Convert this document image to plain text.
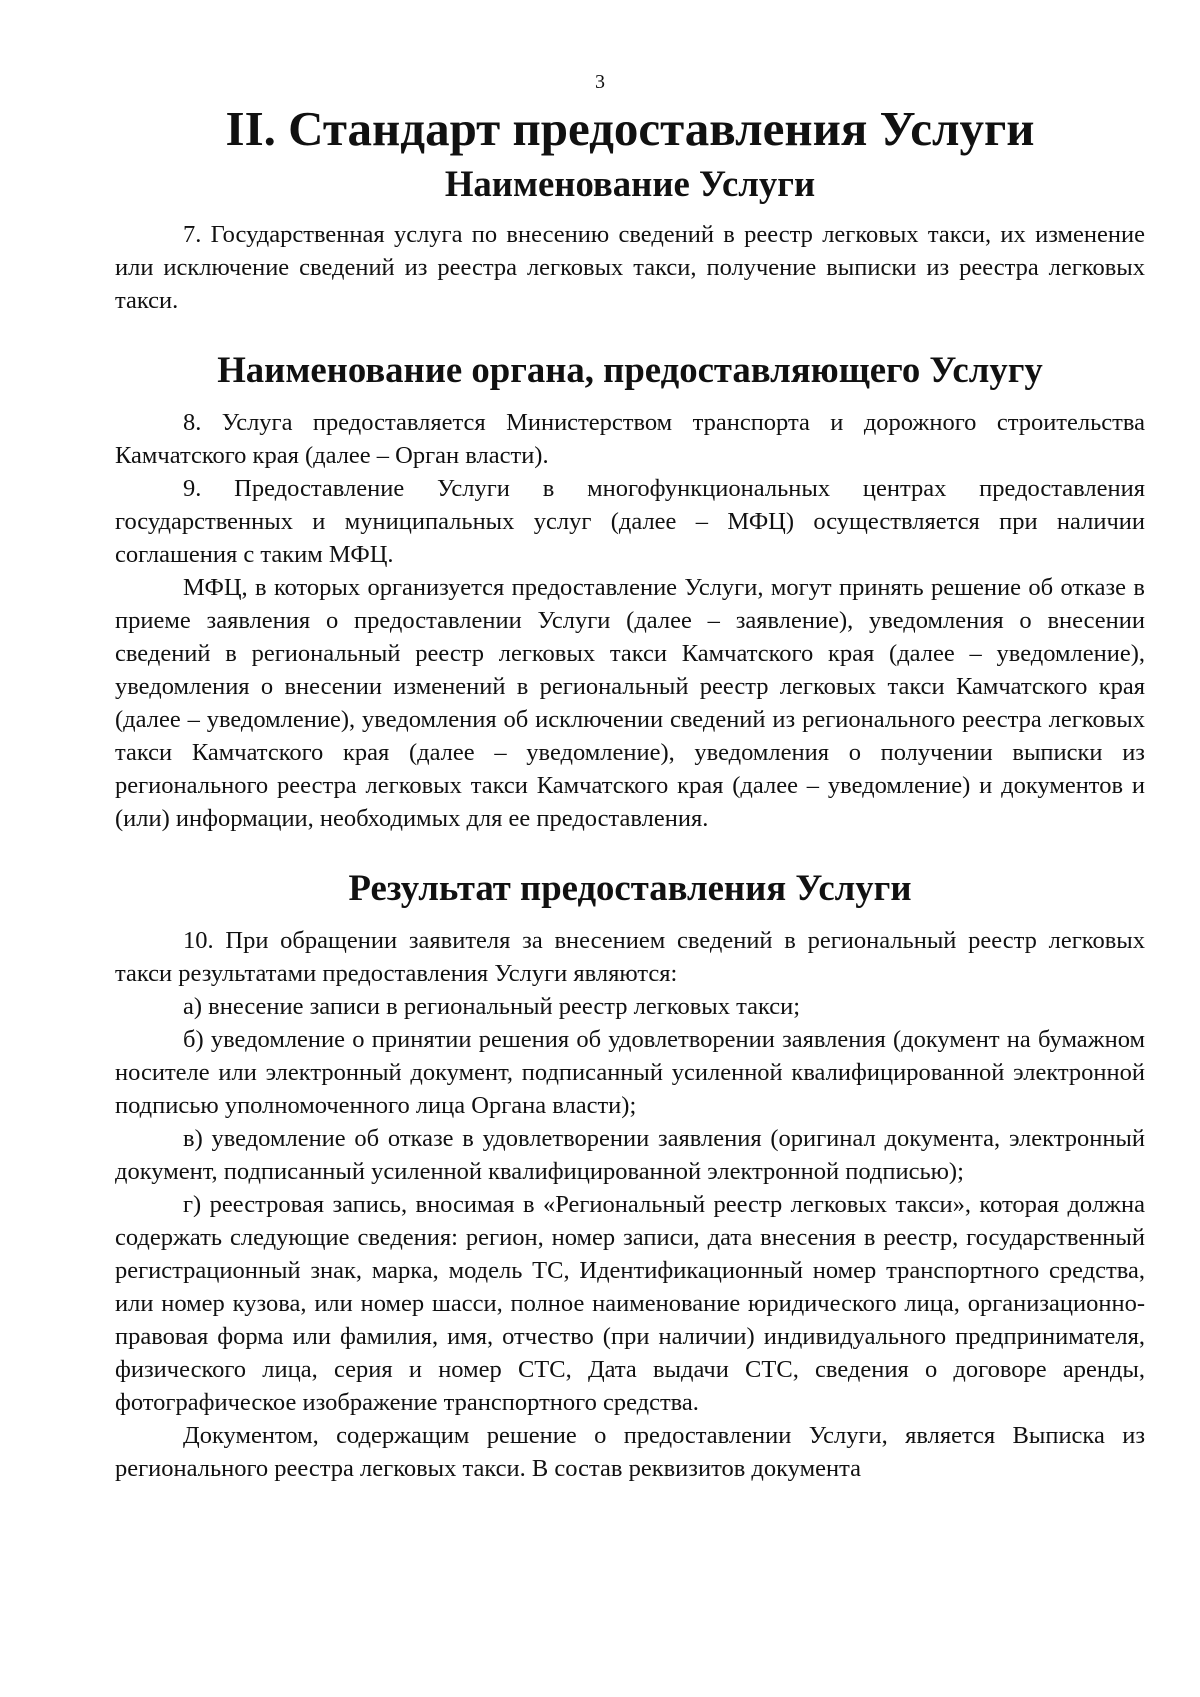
3
II. Стандарт предоставления Услуги
Наименование Услуги

7. Государственная услуга по внесению сведений в реестр легковых такси, их изменение или исключение сведений из реестра легковых такси, получение выписки из реестра легковых такси.

Наименование органа, предоставляющего Услугу

8. Услуга предоставляется Министерством транспорта и дорожного строительства Камчатского края (далее – Орган власти).

9. Предоставление Услуги в многофункциональных центрах предоставления государственных и муниципальных услуг (далее – МФЦ) осуществляется при наличии соглашения с таким МФЦ.

МФЦ, в которых организуется предоставление Услуги, могут принять решение об отказе в приеме заявления о предоставлении Услуги (далее – заявление), уведомления о внесении сведений в региональный реестр легковых такси Камчатского края (далее – уведомление), уведомления о внесении изменений в региональный реестр легковых такси Камчатского края (далее – уведомление), уведомления об исключении сведений из регионального реестра легковых такси Камчатского края (далее – уведомление), уведомления о получении выписки из регионального реестра легковых такси Камчатского края (далее – уведомление) и документов и (или) информации, необходимых для ее предоставления.

Результат предоставления Услуги

10. При обращении заявителя за внесением сведений в региональный реестр легковых такси результатами предоставления Услуги являются:

а) внесение записи в региональный реестр легковых такси;

б) уведомление о принятии решения об удовлетворении заявления (документ на бумажном носителе или электронный документ, подписанный усиленной квалифицированной электронной подписью уполномоченного лица Органа власти);

в) уведомление об отказе в удовлетворении заявления (оригинал документа, электронный документ, подписанный усиленной квалифицированной электронной подписью);

г) реестровая запись, вносимая в «Региональный реестр легковых такси», которая должна содержать следующие сведения: регион, номер записи, дата внесения в реестр, государственный регистрационный знак, марка, модель ТС, Идентификационный номер транспортного средства, или номер кузова, или номер шасси, полное наименование юридического лица, организационно-правовая форма или фамилия, имя, отчество (при наличии) индивидуального предпринимателя, физического лица, серия и номер СТС, Дата выдачи СТС, сведения о договоре аренды, фотографическое изображение транспортного средства.

Документом, содержащим решение о предоставлении Услуги, является Выписка из регионального реестра легковых такси. В состав реквизитов документа
